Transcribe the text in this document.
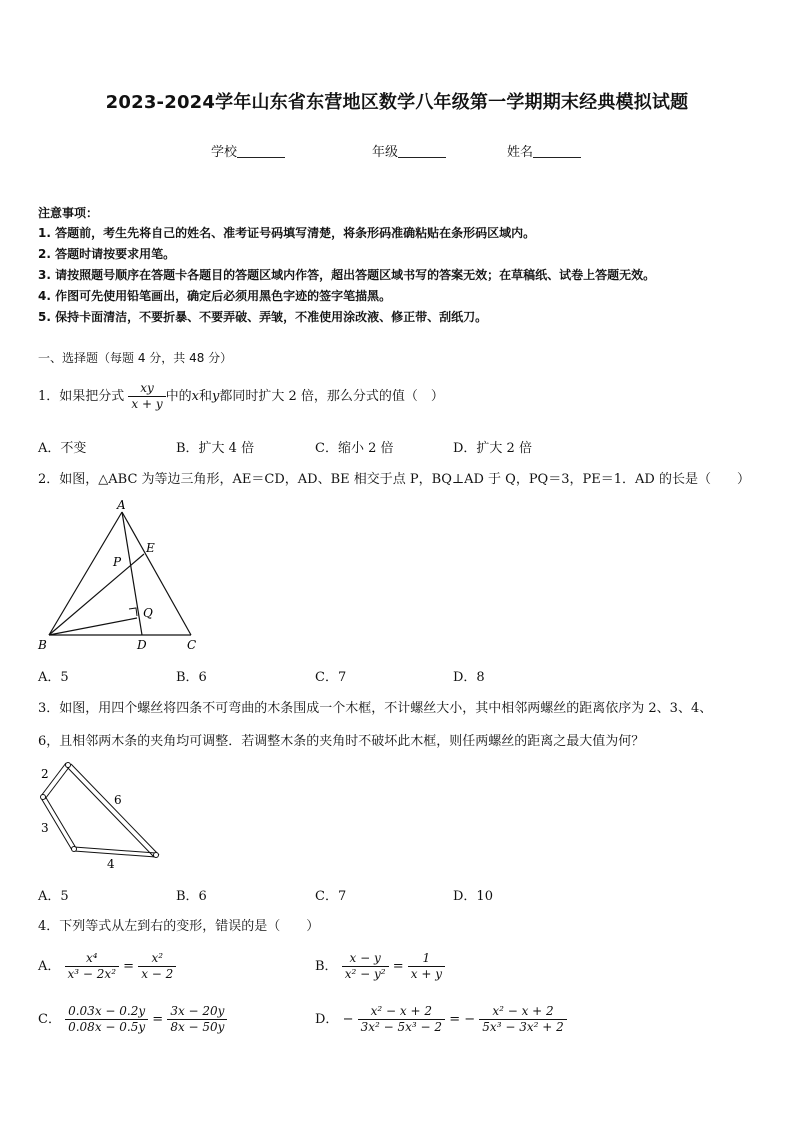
2023-2024学年山东省东营地区数学八年级第一学期期末经典模拟试题
学校	年级	姓名
注意事项：
1. 答题前，考生先将自己的姓名、准考证号码填写清楚，将条形码准确粘贴在条形码区域内。
2. 答题时请按要求用笔。
3. 请按照题号顺序在答题卡各题目的答题区域内作答，超出答题区域书写的答案无效；在草稿纸、试卷上答题无效。
4. 作图可先使用铅笔画出，确定后必须用黑色字迹的签字笔描黑。
5. 保持卡面清洁，不要折暴、不要弄破、弄皱，不准使用涂改液、修正带、刮纸刀。
一、选择题（每题 4 分，共 48 分）
1．如果把分式 $\frac{xy}{x + y}$ 中的x和y都同时扩大 2 倍，那么分式的值（　）
A．不变	B．扩大 4 倍	C．缩小 2 倍	D．扩大 2 倍
2．如图，△ABC 为等边三角形，AE＝CD，AD、BE 相交于点 P，BQ⊥AD 于 Q，PQ＝3，PE＝1．AD 的长是（　　）
A
B	C
D
E
P
Q
A．5	B．6	C．7	D．8
3．如图，用四个螺丝将四条不可弯曲的木条围成一个木框，不计螺丝大小，其中相邻两螺丝的距离依序为 2、3、4、
6，且相邻两木条的夹角均可调整．若调整木条的夹角时不破坏此木框，则任两螺丝的距离之最大值为何？
2
6
3
4
A．5	B．6	C．7	D．10
4．下列等式从左到右的变形，错误的是（　　）
A． $\frac{\text{x⁴}}{\text{x³ − 2x²}} = \frac{\text{x²}}{x - 2}$	B． $\frac{x - y}{\text{x² − y²}} = \frac{1}{x + y}$
C． $\frac{0.03x - 0.2y}{0.08x - 0.5y} = \frac{3x - 20y}{8x - 50y}$	D． − $\frac{\text{x² − x + 2}}{\text{3x² − 5x³ − 2}}$ = − $\frac{\text{x² − x + 2}}{\text{5x³ − 3x² + 2}}$
